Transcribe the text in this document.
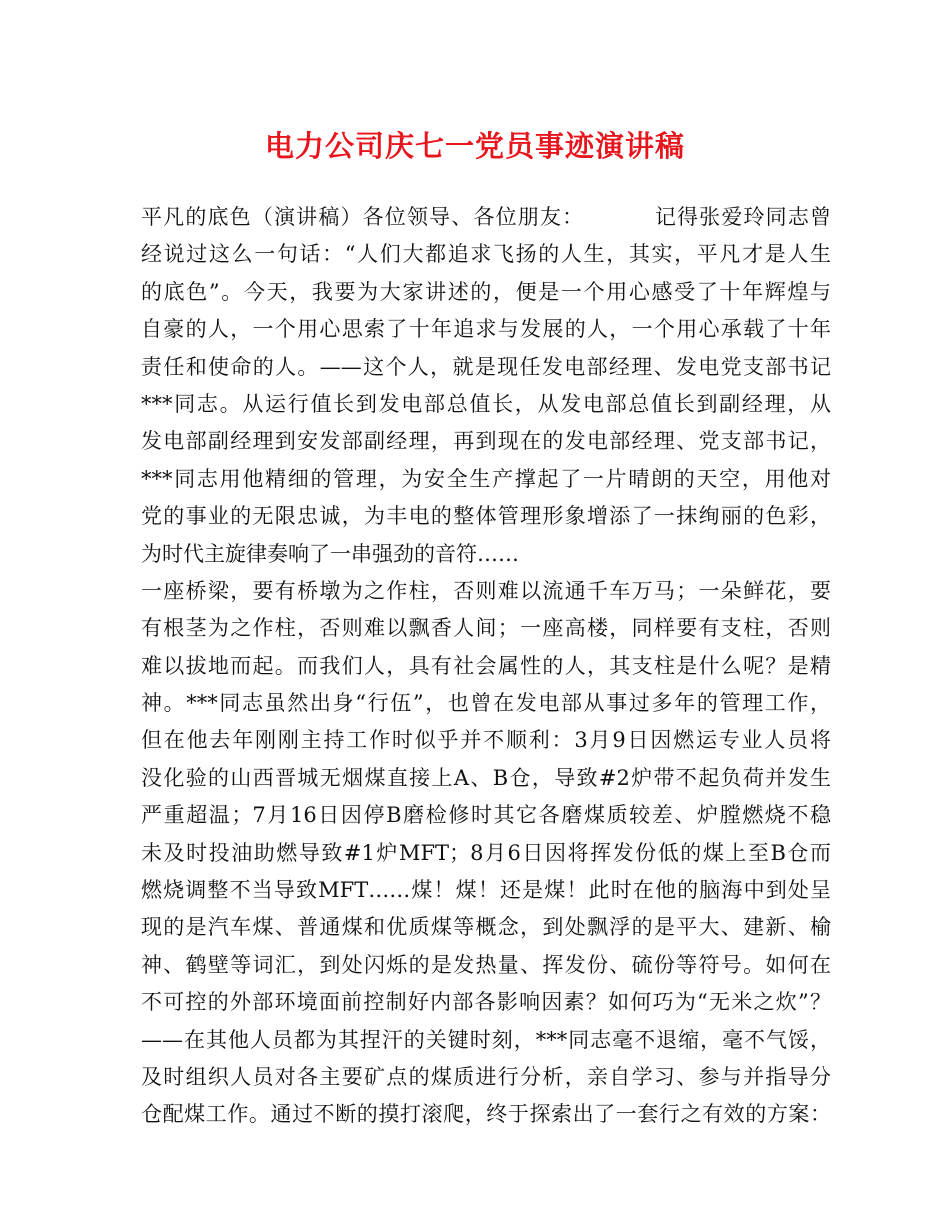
电力公司庆七一党员事迹演讲稿
平凡的底色（演讲稿）各位领导、各位朋友：         记得张爱玲同志曾
经说过这么一句话：“人们大都追求飞扬的人生，其实，平凡才是人生
的底色”。今天，我要为大家讲述的，便是一个用心感受了十年辉煌与
自豪的人，一个用心思索了十年追求与发展的人，一个用心承载了十年
责任和使命的人。——这个人，就是现任发电部经理、发电党支部书记
***同志。从运行值长到发电部总值长，从发电部总值长到副经理，从
发电部副经理到安发部副经理，再到现在的发电部经理、党支部书记，
***同志用他精细的管理，为安全生产撑起了一片晴朗的天空，用他对
党的事业的无限忠诚，为丰电的整体管理形象增添了一抹绚丽的色彩，
为时代主旋律奏响了一串强劲的音符……
一座桥梁，要有桥墩为之作柱，否则难以流通千车万马；一朵鲜花，要
有根茎为之作柱，否则难以飘香人间；一座高楼，同样要有支柱，否则
难以拔地而起。而我们人，具有社会属性的人，其支柱是什么呢？是精
神。***同志虽然出身“行伍”，也曾在发电部从事过多年的管理工作，
但在他去年刚刚主持工作时似乎并不顺利：3月9日因燃运专业人员将
没化验的山西晋城无烟煤直接上A、B仓，导致#2炉带不起负荷并发生
严重超温；7月16日因停B磨检修时其它各磨煤质较差、炉膛燃烧不稳
未及时投油助燃导致#1炉MFT；8月6日因将挥发份低的煤上至B仓而
燃烧调整不当导致MFT……煤！煤！还是煤！此时在他的脑海中到处呈
现的是汽车煤、普通煤和优质煤等概念，到处飘浮的是平大、建新、榆
神、鹤壁等词汇，到处闪烁的是发热量、挥发份、硫份等符号。如何在
不可控的外部环境面前控制好内部各影响因素？如何巧为“无米之炊”？
——在其他人员都为其捏汗的关键时刻，***同志毫不退缩，毫不气馁，
及时组织人员对各主要矿点的煤质进行分析，亲自学习、参与并指导分
仓配煤工作。通过不断的摸打滚爬，终于探索出了一套行之有效的方案：
